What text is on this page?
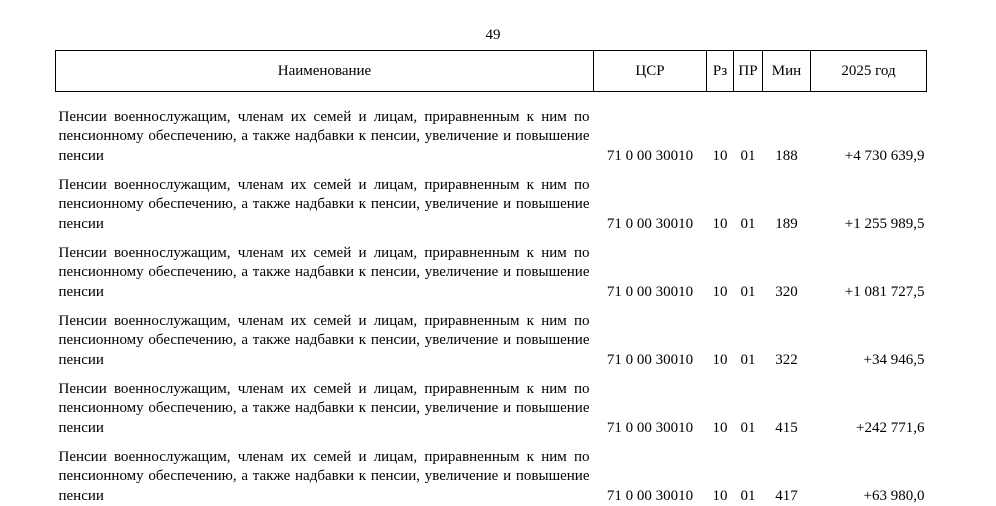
49
Наименование	ЦСР	Рз	ПР	Мин	2025 год
Пенсии военнослужащим, членам их семей и лицам, приравненным к ним по пенсионному обеспечению, а также надбавки к пенсии, увеличение и повышение пенсии	71 0 00 30010	10	01	188	+4 730 639,9
Пенсии военнослужащим, членам их семей и лицам, приравненным к ним по пенсионному обеспечению, а также надбавки к пенсии, увеличение и повышение пенсии	71 0 00 30010	10	01	189	+1 255 989,5
Пенсии военнослужащим, членам их семей и лицам, приравненным к ним по пенсионному обеспечению, а также надбавки к пенсии, увеличение и повышение пенсии	71 0 00 30010	10	01	320	+1 081 727,5
Пенсии военнослужащим, членам их семей и лицам, приравненным к ним по пенсионному обеспечению, а также надбавки к пенсии, увеличение и повышение пенсии	71 0 00 30010	10	01	322	+34 946,5
Пенсии военнослужащим, членам их семей и лицам, приравненным к ним по пенсионному обеспечению, а также надбавки к пенсии, увеличение и повышение пенсии	71 0 00 30010	10	01	415	+242 771,6
Пенсии военнослужащим, членам их семей и лицам, приравненным к ним по пенсионному обеспечению, а также надбавки к пенсии, увеличение и повышение пенсии	71 0 00 30010	10	01	417	+63 980,0
